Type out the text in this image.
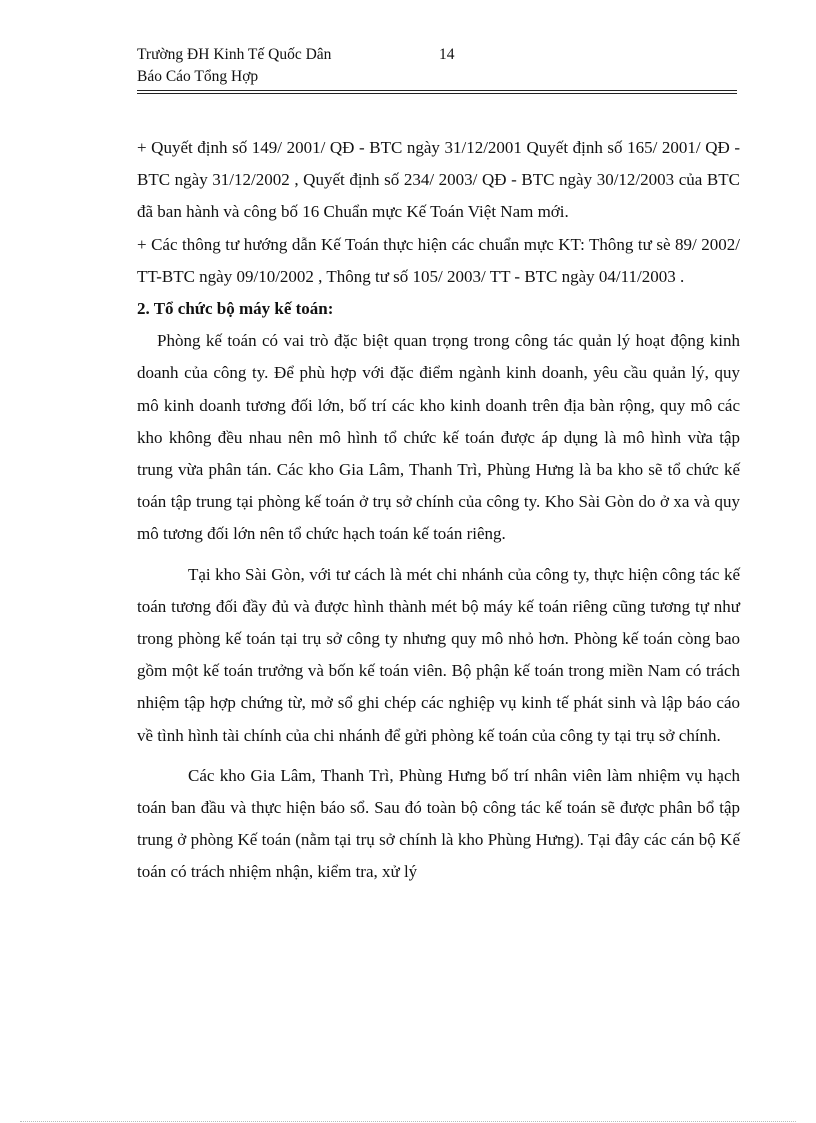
Trường ĐH Kinh Tế Quốc Dân	14
Báo Cáo Tổng Hợp

+ Quyết định số 149/ 2001/ QĐ - BTC ngày 31/12/2001 Quyết định số 165/ 2001/ QĐ - BTC ngày 31/12/2002 , Quyết định số 234/ 2003/ QĐ - BTC ngày 30/12/2003 của BTC đã ban hành và công bố 16 Chuẩn mực Kế Toán Việt Nam mới.

+ Các thông tư hướng dẫn Kế Toán thực hiện các chuẩn mực KT: Thông tư sè 89/ 2002/ TT-BTC ngày 09/10/2002 , Thông tư số 105/ 2003/ TT - BTC ngày 04/11/2003 .

2. Tổ chức bộ máy kế toán:

Phòng kế toán có vai trò đặc biệt quan trọng trong công tác quản lý hoạt động kinh doanh của công ty. Để phù hợp với đặc điểm ngành kinh doanh, yêu cầu quản lý, quy mô kinh doanh tương đối lớn, bố trí các kho kinh doanh trên địa bàn rộng, quy mô các kho không đều nhau nên mô hình tổ chức kế toán được áp dụng là mô hình vừa tập trung vừa phân tán. Các kho Gia Lâm, Thanh Trì, Phùng Hưng là ba kho sẽ tổ chức kế toán tập trung tại phòng kế toán ở trụ sở chính của công ty. Kho Sài Gòn do ở xa và quy mô tương đối lớn nên tổ chức hạch toán kế toán riêng.

Tại kho Sài Gòn, với tư cách là mét chi nhánh của công ty, thực hiện công tác kế toán tương đối đầy đủ và được hình thành mét bộ máy kế toán riêng cũng tương tự như trong phòng kế toán tại trụ sở công ty nhưng quy mô nhỏ hơn. Phòng kế toán còng bao gồm một kế toán trưởng và bốn kế toán viên. Bộ phận kế toán trong miền Nam có trách nhiệm tập hợp chứng từ, mở sổ ghi chép các nghiệp vụ kinh tế phát sinh và lập báo cáo về tình hình tài chính của chi nhánh để gửi phòng kế toán của công ty tại trụ sở chính.

Các kho Gia Lâm, Thanh Trì, Phùng Hưng bố trí nhân viên làm nhiệm vụ hạch toán ban đầu và thực hiện báo sổ. Sau đó toàn bộ công tác kế toán sẽ được phân bổ tập trung ở phòng Kế toán (nằm tại trụ sở chính là kho Phùng Hưng). Tại đây các cán bộ Kế toán có trách nhiệm nhận, kiểm tra, xử lý
